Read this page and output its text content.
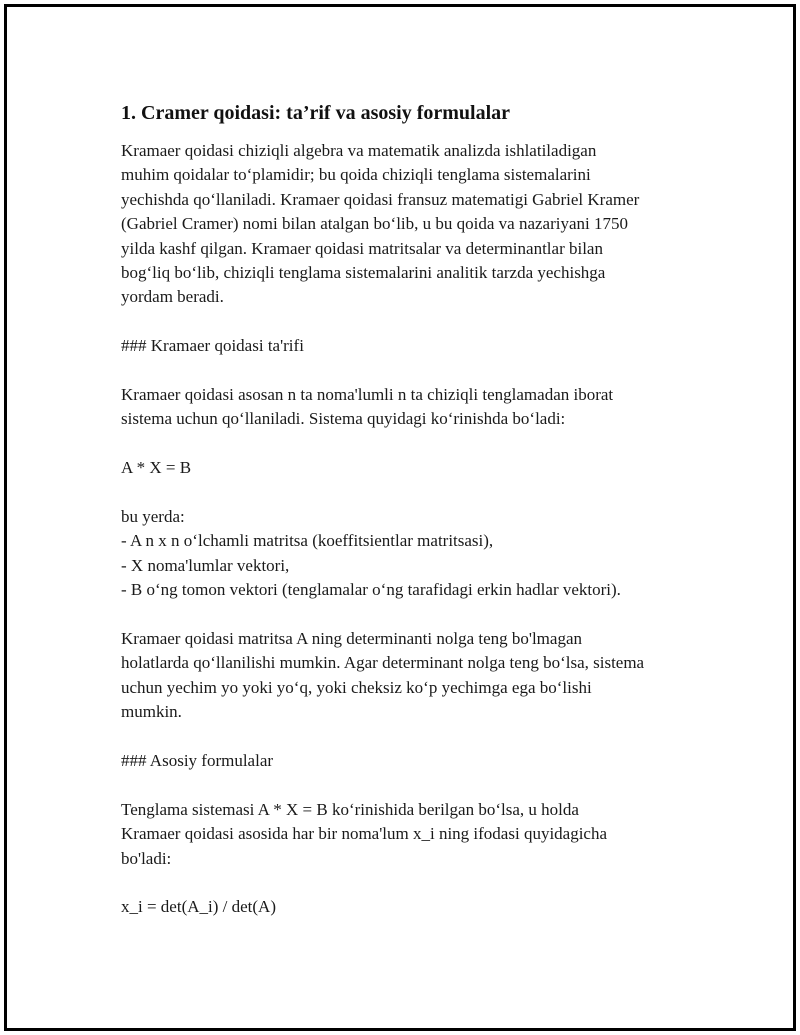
1. Cramer qoidasi: ta’rif va asosiy formulalar
Kramaer qoidasi chiziqli algebra va matematik analizda ishlatiladigan
muhim qoidalar to‘plamidir; bu qoida chiziqli tenglama sistemalarini
yechishda qo‘llaniladi. Kramaer qoidasi fransuz matematigi Gabriel Kramer
(Gabriel Cramer) nomi bilan atalgan bo‘lib, u bu qoida va nazariyani 1750
yilda kashf qilgan. Kramaer qoidasi matritsalar va determinantlar bilan
bog‘liq bo‘lib, chiziqli tenglama sistemalarini analitik tarzda yechishga
yordam beradi.
### Kramaer qoidasi ta'rifi
Kramaer qoidasi asosan n ta noma'lumli n ta chiziqli tenglamadan iborat
sistema uchun qo‘llaniladi. Sistema quyidagi ko‘rinishda bo‘ladi:
A * X = B
bu yerda:
- A n x n o‘lchamli matritsa (koeffitsientlar matritsasi),
- X noma'lumlar vektori,
- B o‘ng tomon vektori (tenglamalar o‘ng tarafidagi erkin hadlar vektori).
Kramaer qoidasi matritsa A ning determinanti nolga teng bo'lmagan
holatlarda qo‘llanilishi mumkin. Agar determinant nolga teng bo‘lsa, sistema
uchun yechim yo yoki yo‘q, yoki cheksiz ko‘p yechimga ega bo‘lishi
mumkin.
### Asosiy formulalar
Tenglama sistemasi A * X = B ko‘rinishida berilgan bo‘lsa, u holda
Kramaer qoidasi asosida har bir noma'lum x_i ning ifodasi quyidagicha
bo'ladi:
x_i = det(A_i) / det(A)
